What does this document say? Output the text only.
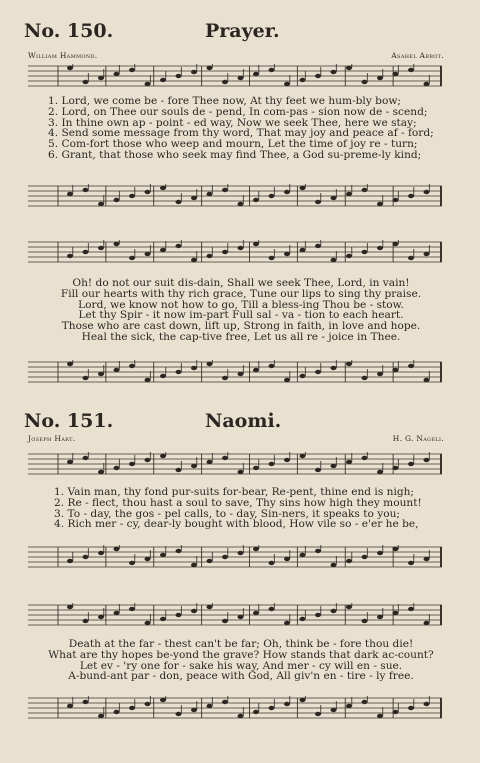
No. 150.	Prayer.
William Hammond.	Asahel Abbot.
1. Lord, we come be - fore Thee now, At thy feet we hum-bly bow;
2. Lord, on Thee our souls de - pend, In com-pas - sion now de - scend;
3. In thine own ap - point - ed way, Now we seek Thee, here we stay;
4. Send some message from thy word, That may joy and peace af - ford;
5. Com-fort those who weep and mourn, Let the time of joy re - turn;
6. Grant, that those who seek may find Thee, a God su-preme-ly kind;
Oh! do not our suit dis-dain, Shall we seek Thee, Lord, in vain!
Fill our hearts with thy rich grace, Tune our lips to sing thy praise.
Lord, we know not how to go, Till a bless-ing Thou be - stow.
Let thy Spir - it now im-part Full sal - va - tion to each heart.
Those who are cast down, lift up, Strong in faith, in love and hope.
Heal the sick, the cap-tive free, Let us all re - joice in Thee.
No. 151.	Naomi.
Joseph Hart.	H. G. Nageli.
1. Vain man, thy fond pur-suits for-bear, Re-pent, thine end is nigh;
2. Re - flect, thou hast a soul to save, Thy sins how high they mount!
3. To - day, the gos - pel calls, to - day, Sin-ners, it speaks to you;
4. Rich mer - cy, dear-ly bought with blood, How vile so - e'er he be,
Death at the far - thest can't be far; Oh, think be - fore thou die!
What are thy hopes be-yond the grave? How stands that dark ac-count?
Let ev - 'ry one for - sake his way, And mer - cy will en - sue.
A-bund-ant par - don, peace with God, All giv'n en - tire - ly free.
